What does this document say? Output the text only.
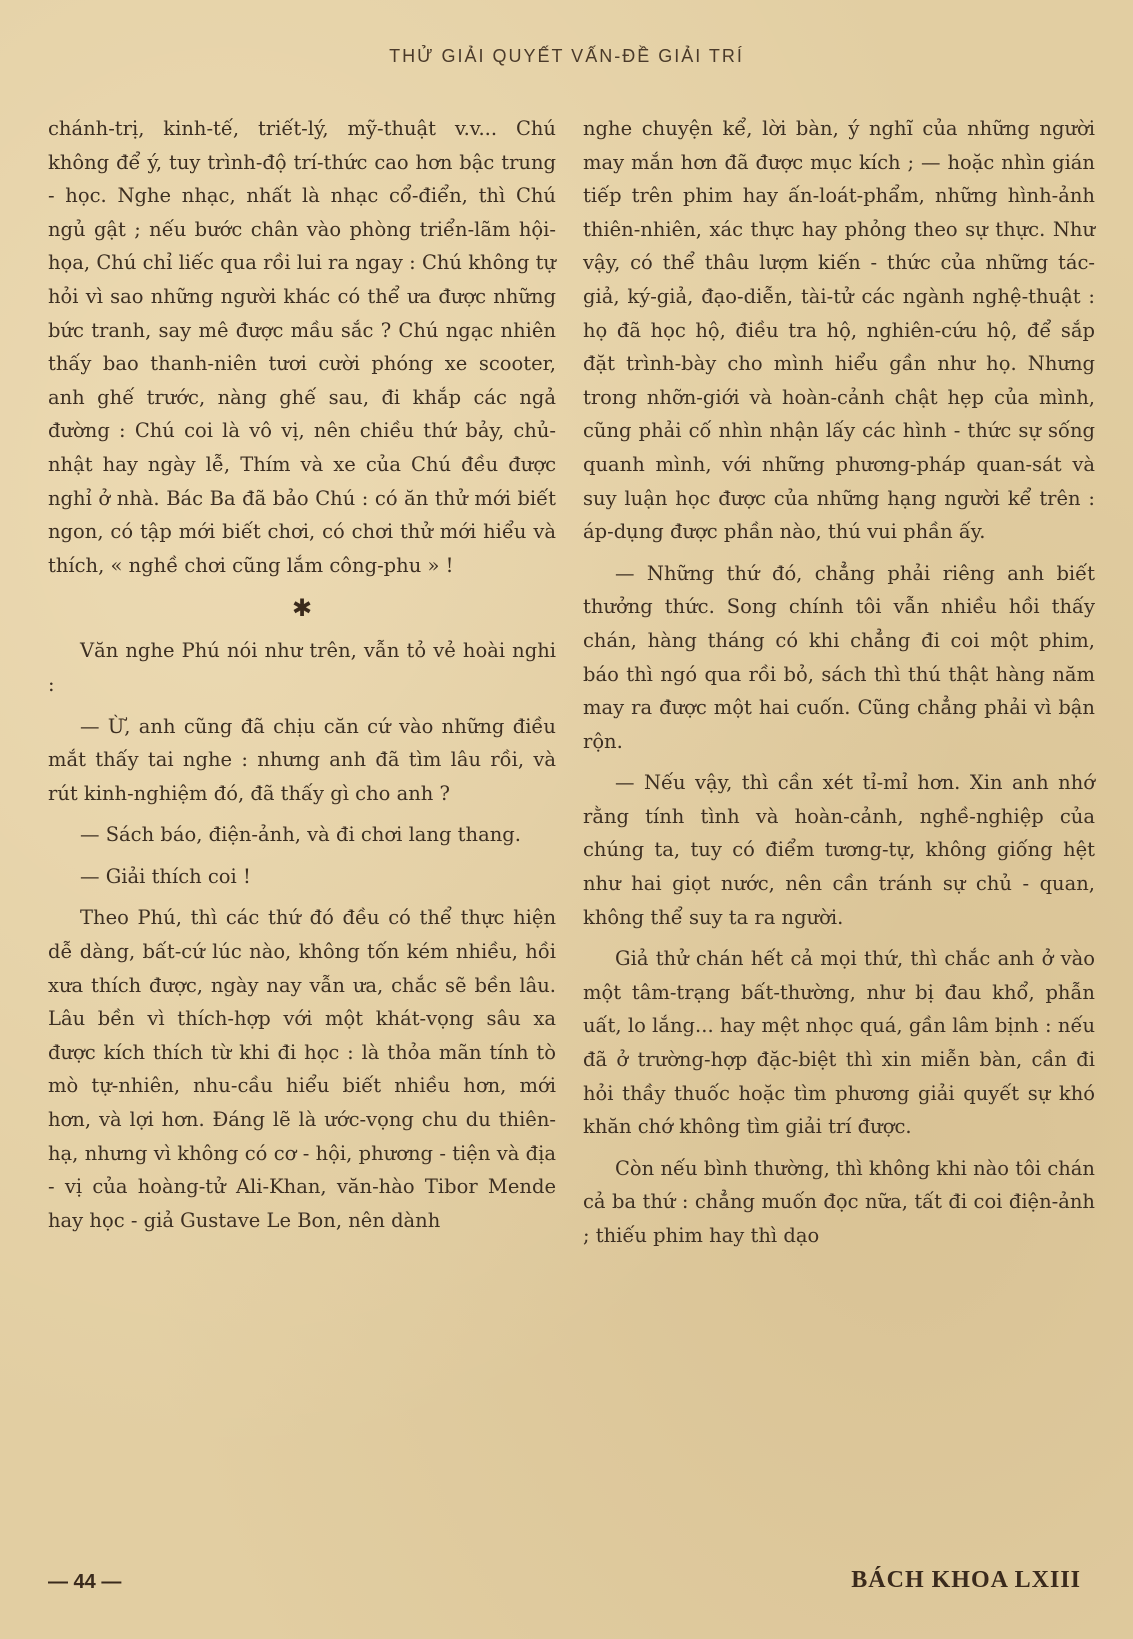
THỬ GIẢI QUYẾT VẤN-ĐỀ GIẢI TRÍ

chánh-trị, kinh-tế, triết-lý, mỹ-thuật v.v... Chú không để ý, tuy trình-độ trí-thức cao hơn bậc trung - học. Nghe nhạc, nhất là nhạc cổ-điển, thì Chú ngủ gật ; nếu bước chân vào phòng triển-lãm hội-họa, Chú chỉ liếc qua rồi lui ra ngay : Chú không tự hỏi vì sao những người khác có thể ưa được những bức tranh, say mê được mầu sắc ? Chú ngạc nhiên thấy bao thanh-niên tươi cười phóng xe scooter, anh ghế trước, nàng ghế sau, đi khắp các ngả đường : Chú coi là vô vị, nên chiều thứ bảy, chủ-nhật hay ngày lễ, Thím và xe của Chú đều được nghỉ ở nhà. Bác Ba đã bảo Chú : có ăn thử mới biết ngon, có tập mới biết chơi, có chơi thử mới hiểu và thích, « nghề chơi cũng lắm công-phu » !

✱

Văn nghe Phú nói như trên, vẫn tỏ vẻ hoài nghi :

— Ừ, anh cũng đã chịu căn cứ vào những điều mắt thấy tai nghe : nhưng anh đã tìm lâu rồi, và rút kinh-nghiệm đó, đã thấy gì cho anh ?

— Sách báo, điện-ảnh, và đi chơi lang thang.

— Giải thích coi !

Theo Phú, thì các thứ đó đều có thể thực hiện dễ dàng, bất-cứ lúc nào, không tốn kém nhiều, hồi xưa thích được, ngày nay vẫn ưa, chắc sẽ bền lâu. Lâu bền vì thích-hợp với một khát-vọng sâu xa được kích thích từ khi đi học : là thỏa mãn tính tò mò tự-nhiên, nhu-cầu hiểu biết nhiều hơn, mới hơn, và lợi hơn. Đáng lẽ là ước-vọng chu du thiên-hạ, nhưng vì không có cơ - hội, phương - tiện và địa - vị của hoàng-tử Ali-Khan, văn-hào Tibor Mende hay học - giả Gustave Le Bon, nên dành

nghe chuyện kể, lời bàn, ý nghĩ của những người may mắn hơn đã được mục kích ; — hoặc nhìn gián tiếp trên phim hay ấn-loát-phẩm, những hình-ảnh thiên-nhiên, xác thực hay phỏng theo sự thực. Như vậy, có thể thâu lượm kiến - thức của những tác-giả, ký-giả, đạo-diễn, tài-tử các ngành nghệ-thuật : họ đã học hộ, điều tra hộ, nghiên-cứu hộ, để sắp đặt trình-bày cho mình hiểu gần như họ. Nhưng trong nhỡn-giới và hoàn-cảnh chật hẹp của mình, cũng phải cố nhìn nhận lấy các hình - thức sự sống quanh mình, với những phương-pháp quan-sát và suy luận học được của những hạng người kể trên : áp-dụng được phần nào, thú vui phần ấy.

— Những thứ đó, chẳng phải riêng anh biết thưởng thức. Song chính tôi vẫn nhiều hồi thấy chán, hàng tháng có khi chẳng đi coi một phim, báo thì ngó qua rồi bỏ, sách thì thú thật hàng năm may ra được một hai cuốn. Cũng chẳng phải vì bận rộn.

— Nếu vậy, thì cần xét tỉ-mỉ hơn. Xin anh nhớ rằng tính tình và hoàn-cảnh, nghề-nghiệp của chúng ta, tuy có điểm tương-tự, không giống hệt như hai giọt nước, nên cần tránh sự chủ - quan, không thể suy ta ra người.

Giả thử chán hết cả mọi thứ, thì chắc anh ở vào một tâm-trạng bất-thường, như bị đau khổ, phẫn uất, lo lắng... hay mệt nhọc quá, gần lâm bịnh : nếu đã ở trường-hợp đặc-biệt thì xin miễn bàn, cần đi hỏi thầy thuốc hoặc tìm phương giải quyết sự khó khăn chớ không tìm giải trí được.

Còn nếu bình thường, thì không khi nào tôi chán cả ba thứ : chẳng muốn đọc nữa, tất đi coi điện-ảnh ; thiếu phim hay thì dạo

— 44 —	BÁCH KHOA LXIII
